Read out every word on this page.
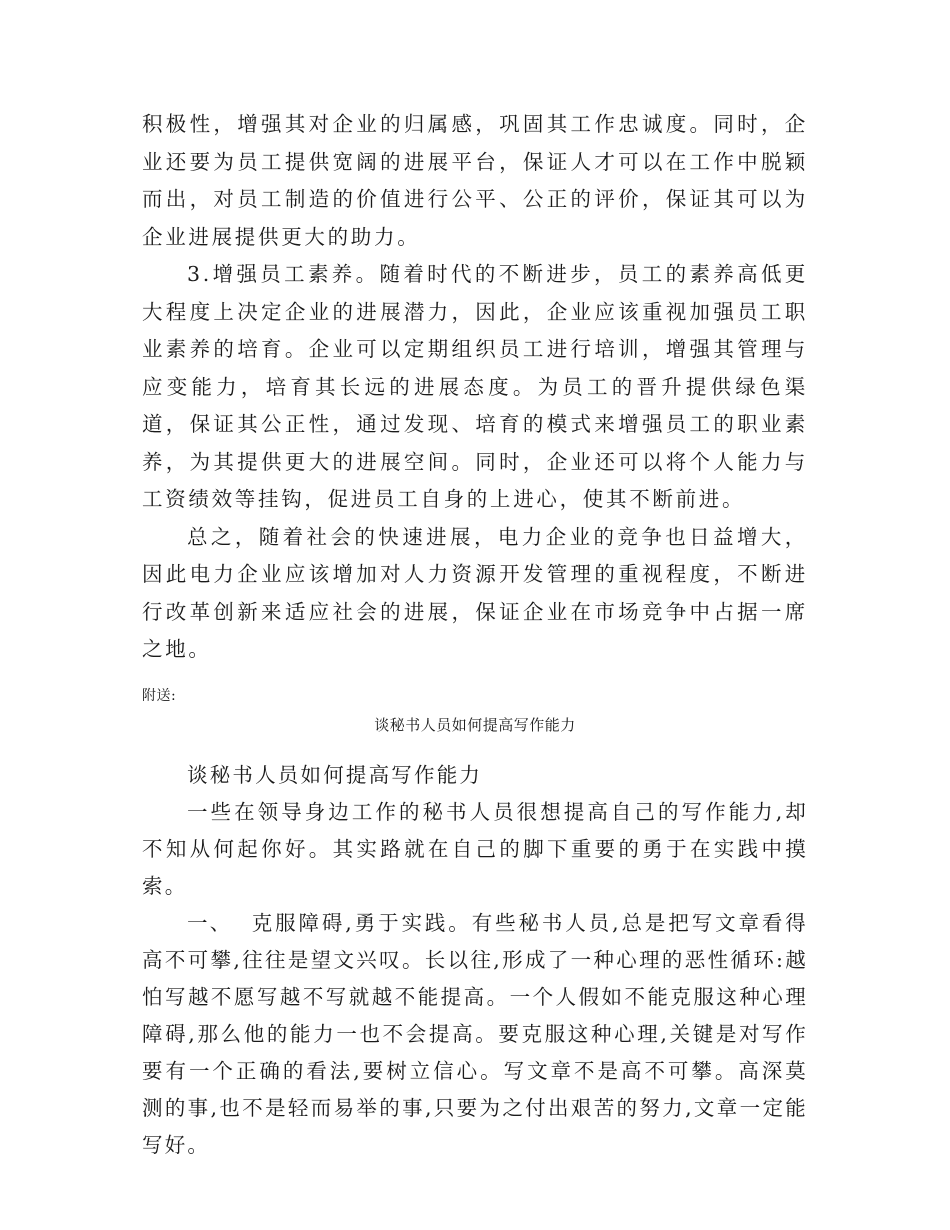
积极性，增强其对企业的归属感，巩固其工作忠诚度。同时，企业还要为员工提供宽阔的进展平台，保证人才可以在工作中脱颖而出，对员工制造的价值进行公平、公正的评价，保证其可以为企业进展提供更大的助力。

3.增强员工素养。随着时代的不断进步，员工的素养高低更大程度上决定企业的进展潜力，因此，企业应该重视加强员工职业素养的培育。企业可以定期组织员工进行培训，增强其管理与应变能力，培育其长远的进展态度。为员工的晋升提供绿色渠道，保证其公正性，通过发现、培育的模式来增强员工的职业素养，为其提供更大的进展空间。同时，企业还可以将个人能力与工资绩效等挂钩，促进员工自身的上进心，使其不断前进。

总之，随着社会的快速进展，电力企业的竞争也日益增大，因此电力企业应该增加对人力资源开发管理的重视程度，不断进行改革创新来适应社会的进展，保证企业在市场竞争中占据一席之地。

附送:
谈秘书人员如何提高写作能力

谈秘书人员如何提高写作能力

一些在领导身边工作的秘书人员很想提高自己的写作能力,却不知从何起你好。其实路就在自己的脚下重要的勇于在实践中摸索。

一、 克服障碍,勇于实践。有些秘书人员,总是把写文章看得高不可攀,往往是望文兴叹。长以往,形成了一种心理的恶性循环:越怕写越不愿写越不写就越不能提高。一个人假如不能克服这种心理障碍,那么他的能力一也不会提高。要克服这种心理,关键是对写作要有一个正确的看法,要树立信心。写文章不是高不可攀。高深莫测的事,也不是轻而易举的事,只要为之付出艰苦的努力,文章一定能写好。
